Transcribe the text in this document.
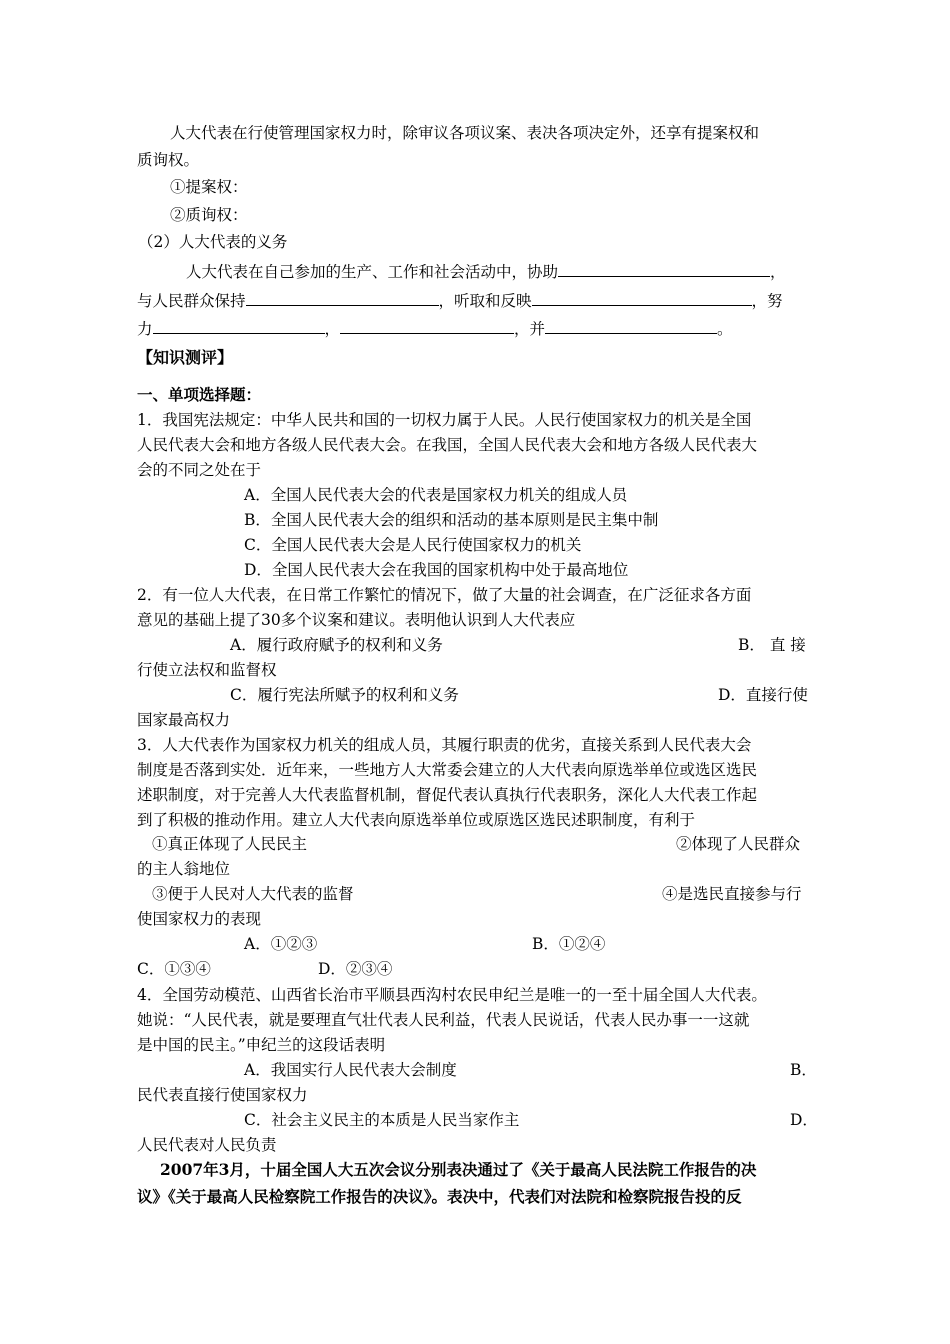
人大代表在行使管理国家权力时，除审议各项议案、表决各项决定外，还享有提案权和
质询权。
①提案权：
②质询权：
（2）人大代表的义务
人大代表在自己参加的生产、工作和社会活动中，协助	，
与人民群众保持	，听取和反映	，努
力	，	，并	。
【知识测评】
一、单项选择题：
1．我国宪法规定：中华人民共和国的一切权力属于人民。人民行使国家权力的机关是全国
人民代表大会和地方各级人民代表大会。在我国，全国人民代表大会和地方各级人民代表大
会的不同之处在于
A．全国人民代表大会的代表是国家权力机关的组成人员
B．全国人民代表大会的组织和活动的基本原则是民主集中制
C．全国人民代表大会是人民行使国家权力的机关
D．全国人民代表大会在我国的国家机构中处于最高地位
2．有一位人大代表，在日常工作繁忙的情况下，做了大量的社会调查，在广泛征求各方面
意见的基础上提了30多个议案和建议。表明他认识到人大代表应
A．履行政府赋予的权利和义务	B． 直 接
行使立法权和监督权
C．履行宪法所赋予的权利和义务	D．直接行使
国家最高权力
3．人大代表作为国家权力机关的组成人员，其履行职责的优劣，直接关系到人民代表大会
制度是否落到实处．近年来，一些地方人大常委会建立的人大代表向原选举单位或选区选民
述职制度，对于完善人大代表监督机制，督促代表认真执行代表职务，深化人大代表工作起
到了积极的推动作用。建立人大代表向原选举单位或原选区选民述职制度，有利于
①真正体现了人民民主	②体现了人民群众
的主人翁地位
③便于人民对人大代表的监督	④是选民直接参与行
使国家权力的表现
A．①②③	B．①②④
C．①③④	D．②③④
4．全国劳动模范、山西省长治市平顺县西沟村农民申纪兰是唯一的一至十届全国人大代表。
她说：“人民代表，就是要理直气壮代表人民利益，代表人民说话，代表人民办事一一这就
是中国的民主。”申纪兰的这段话表明
A．我国实行人民代表大会制度	B．
民代表直接行使国家权力
C．社会主义民主的本质是人民当家作主	D．
人民代表对人民负责
2007年3月，十届全国人大五次会议分别表决通过了《关于最高人民法院工作报告的决
议》《关于最高人民检察院工作报告的决议》。表决中，代表们对法院和检察院报告投的反
